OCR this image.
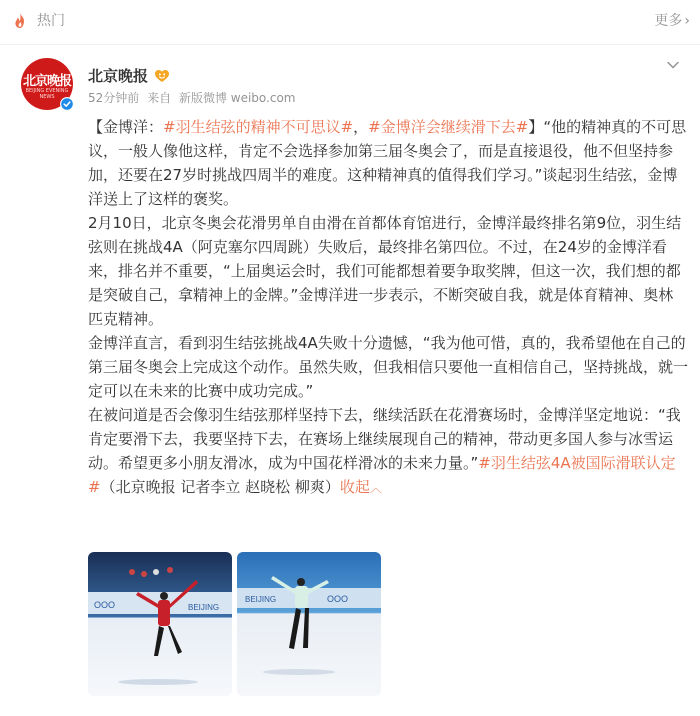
热门	更多 ›
北京晚报
BEIJING EVENING NEWS
北京晚报
52分钟前 来自 新版微博 weibo.com

【金博洋：#羽生结弦的精神不可思议#，#金博洋会继续滑下去#】“他的精神真的不可思议，一般人像他这样，肯定不会选择参加第三届冬奥会了，而是直接退役，他不但坚持参加，还要在27岁时挑战四周半的难度。这种精神真的值得我们学习。”谈起羽生结弦，金博洋送上了这样的褒奖。

2月10日，北京冬奥会花滑男单自由滑在首都体育馆进行，金博洋最终排名第9位，羽生结弦则在挑战4A（阿克塞尔四周跳）失败后，最终排名第四位。不过，在24岁的金博洋看来，排名并不重要，“上届奥运会时，我们可能都想着要争取奖牌，但这一次，我们想的都是突破自己，拿精神上的金牌。”金博洋进一步表示，不断突破自我，就是体育精神、奥林匹克精神。

金博洋直言，看到羽生结弦挑战4A失败十分遗憾，“我为他可惜，真的，我希望他在自己的第三届冬奥会上完成这个动作。虽然失败，但我相信只要他一直相信自己，坚持挑战，就一定可以在未来的比赛中成功完成。”

在被问道是否会像羽生结弦那样坚持下去，继续活跃在花滑赛场时，金博洋坚定地说：“我肯定要滑下去，我要坚持下去，在赛场上继续展现自己的精神，带动更多国人参与冰雪运动。希望更多小朋友滑冰，成为中国花样滑冰的未来力量。”#羽生结弦4A被国际滑联认定#（北京晚报 记者李立 赵晓松 柳爽）收起︿

OOO	BEIJING
OOO
BEIJING
